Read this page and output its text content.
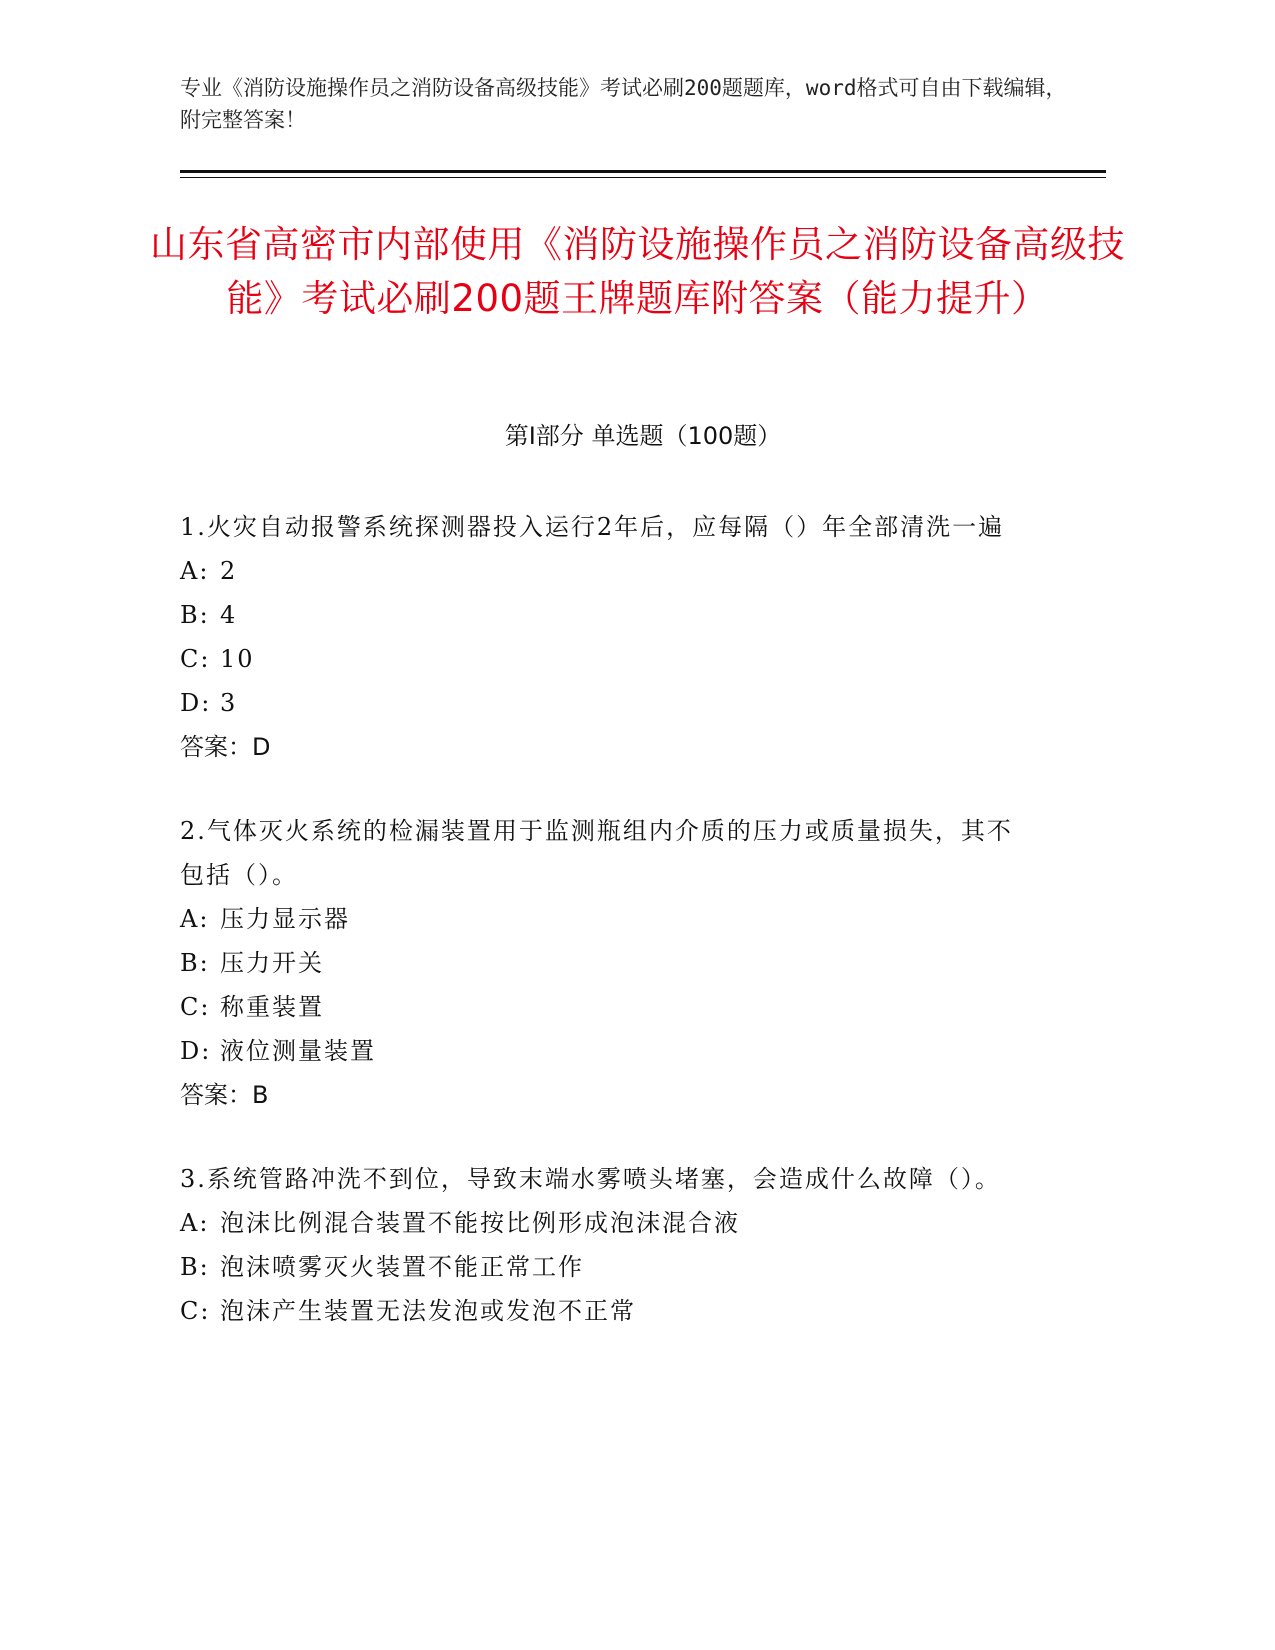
专业《消防设施操作员之消防设备高级技能》考试必刷200题题库，word格式可自由下载编辑，附完整答案！
山东省高密市内部使用《消防设施操作员之消防设备高级技能》考试必刷200题王牌题库附答案（能力提升）
第Ⅰ部分 单选题（100题）
1.火灾自动报警系统探测器投入运行2年后，应每隔（）年全部清洗一遍
A: 2
B: 4
C: 10
D: 3
答案：D
2.气体灭火系统的检漏装置用于监测瓶组内介质的压力或质量损失，其不包括（）。
A: 压力显示器
B: 压力开关
C: 称重装置
D: 液位测量装置
答案：B
3.系统管路冲洗不到位，导致末端水雾喷头堵塞，会造成什么故障（）。
A: 泡沫比例混合装置不能按比例形成泡沫混合液
B: 泡沫喷雾灭火装置不能正常工作
C: 泡沫产生装置无法发泡或发泡不正常
